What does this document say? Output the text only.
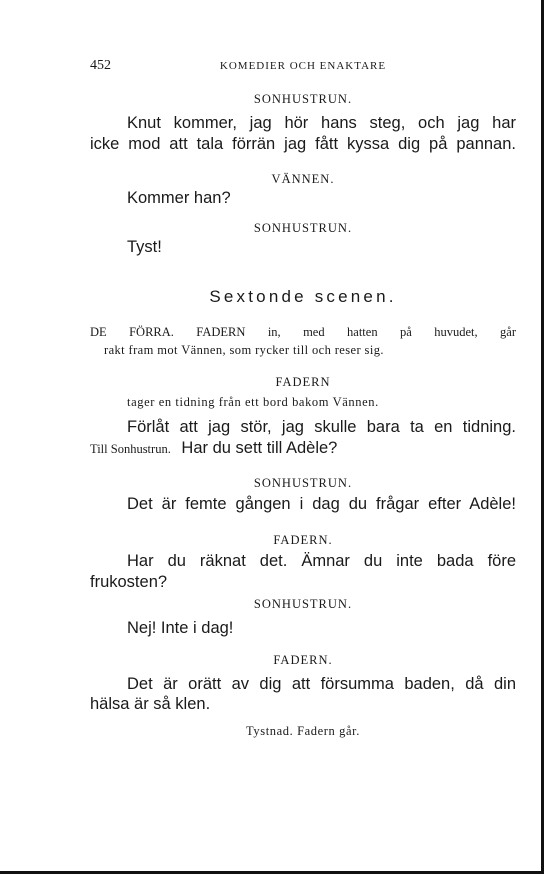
452	KOMEDIER OCH ENAKTARE
SONHUSTRUN.
Knut kommer, jag hör hans steg, och jag har
icke mod att tala förrän jag fått kyssa dig på pannan.
VÄNNEN.
Kommer han?
SONHUSTRUN.
Tyst!
Sextonde scenen.
DE FÖRRA. FADERN in, med hatten på huvudet, går
rakt fram mot Vännen, som rycker till och reser sig.
FADERN
tager en tidning från ett bord bakom Vännen.
Förlåt att jag stör, jag skulle bara ta en tidning.
Till Sonhustrun. Har du sett till Adèle?
SONHUSTRUN.
Det är femte gången i dag du frågar efter Adèle!
FADERN.
Har du räknat det. Ämnar du inte bada före
frukosten?
SONHUSTRUN.
Nej! Inte i dag!
FADERN.
Det är orätt av dig att försumma baden, då din
hälsa är så klen.
Tystnad. Fadern går.
